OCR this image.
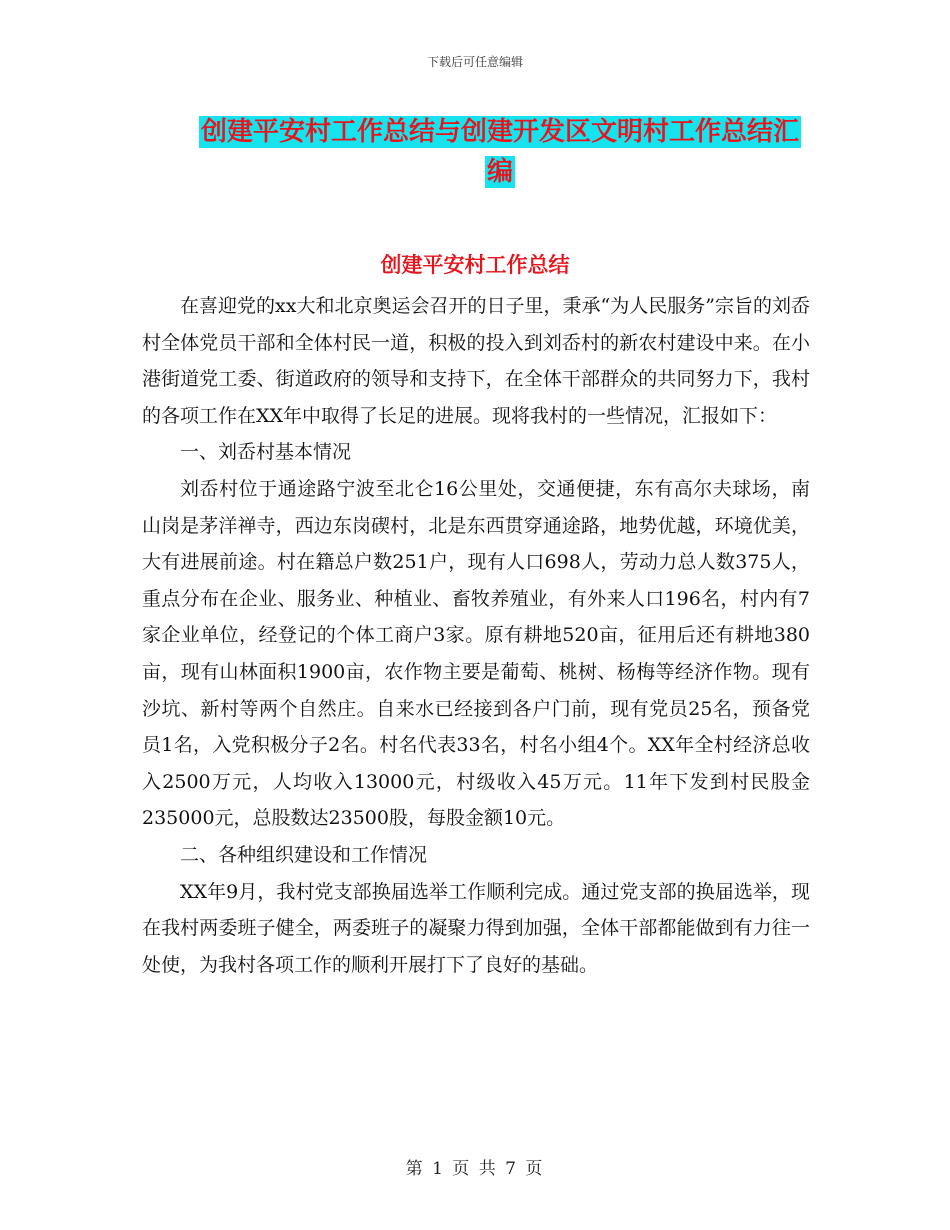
下载后可任意编辑
创建平安村工作总结与创建开发区文明村工作总结汇
编
创建平安村工作总结

在喜迎党的xx大和北京奥运会召开的日子里，秉承“为人民服务”宗旨的刘岙村全体党员干部和全体村民一道，积极的投入到刘岙村的新农村建设中来。在小港街道党工委、街道政府的领导和支持下，在全体干部群众的共同努力下，我村的各项工作在XX年中取得了长足的进展。现将我村的一些情况，汇报如下：

一、刘岙村基本情况

刘岙村位于通途路宁波至北仑16公里处，交通便捷，东有高尔夫球场，南山岗是茅洋禅寺，西边东岗碶村，北是东西贯穿通途路，地势优越，环境优美，大有进展前途。村在籍总户数251户，现有人口698人，劳动力总人数375人，重点分布在企业、服务业、种植业、畜牧养殖业，有外来人口196名，村内有7家企业单位，经登记的个体工商户3家。原有耕地520亩，征用后还有耕地380亩，现有山林面积1900亩，农作物主要是葡萄、桃树、杨梅等经济作物。现有沙坑、新村等两个自然庄。自来水已经接到各户门前，现有党员25名，预备党员1名，入党积极分子2名。村名代表33名，村名小组4个。XX年全村经济总收入2500万元，人均收入13000元，村级收入45万元。11年下发到村民股金235000元，总股数达23500股，每股金额10元。

二、各种组织建设和工作情况

XX年9月，我村党支部换届选举工作顺利完成。通过党支部的换届选举，现在我村两委班子健全，两委班子的凝聚力得到加强，全体干部都能做到有力往一处使，为我村各项工作的顺利开展打下了良好的基础。

第 1 页 共 7 页
